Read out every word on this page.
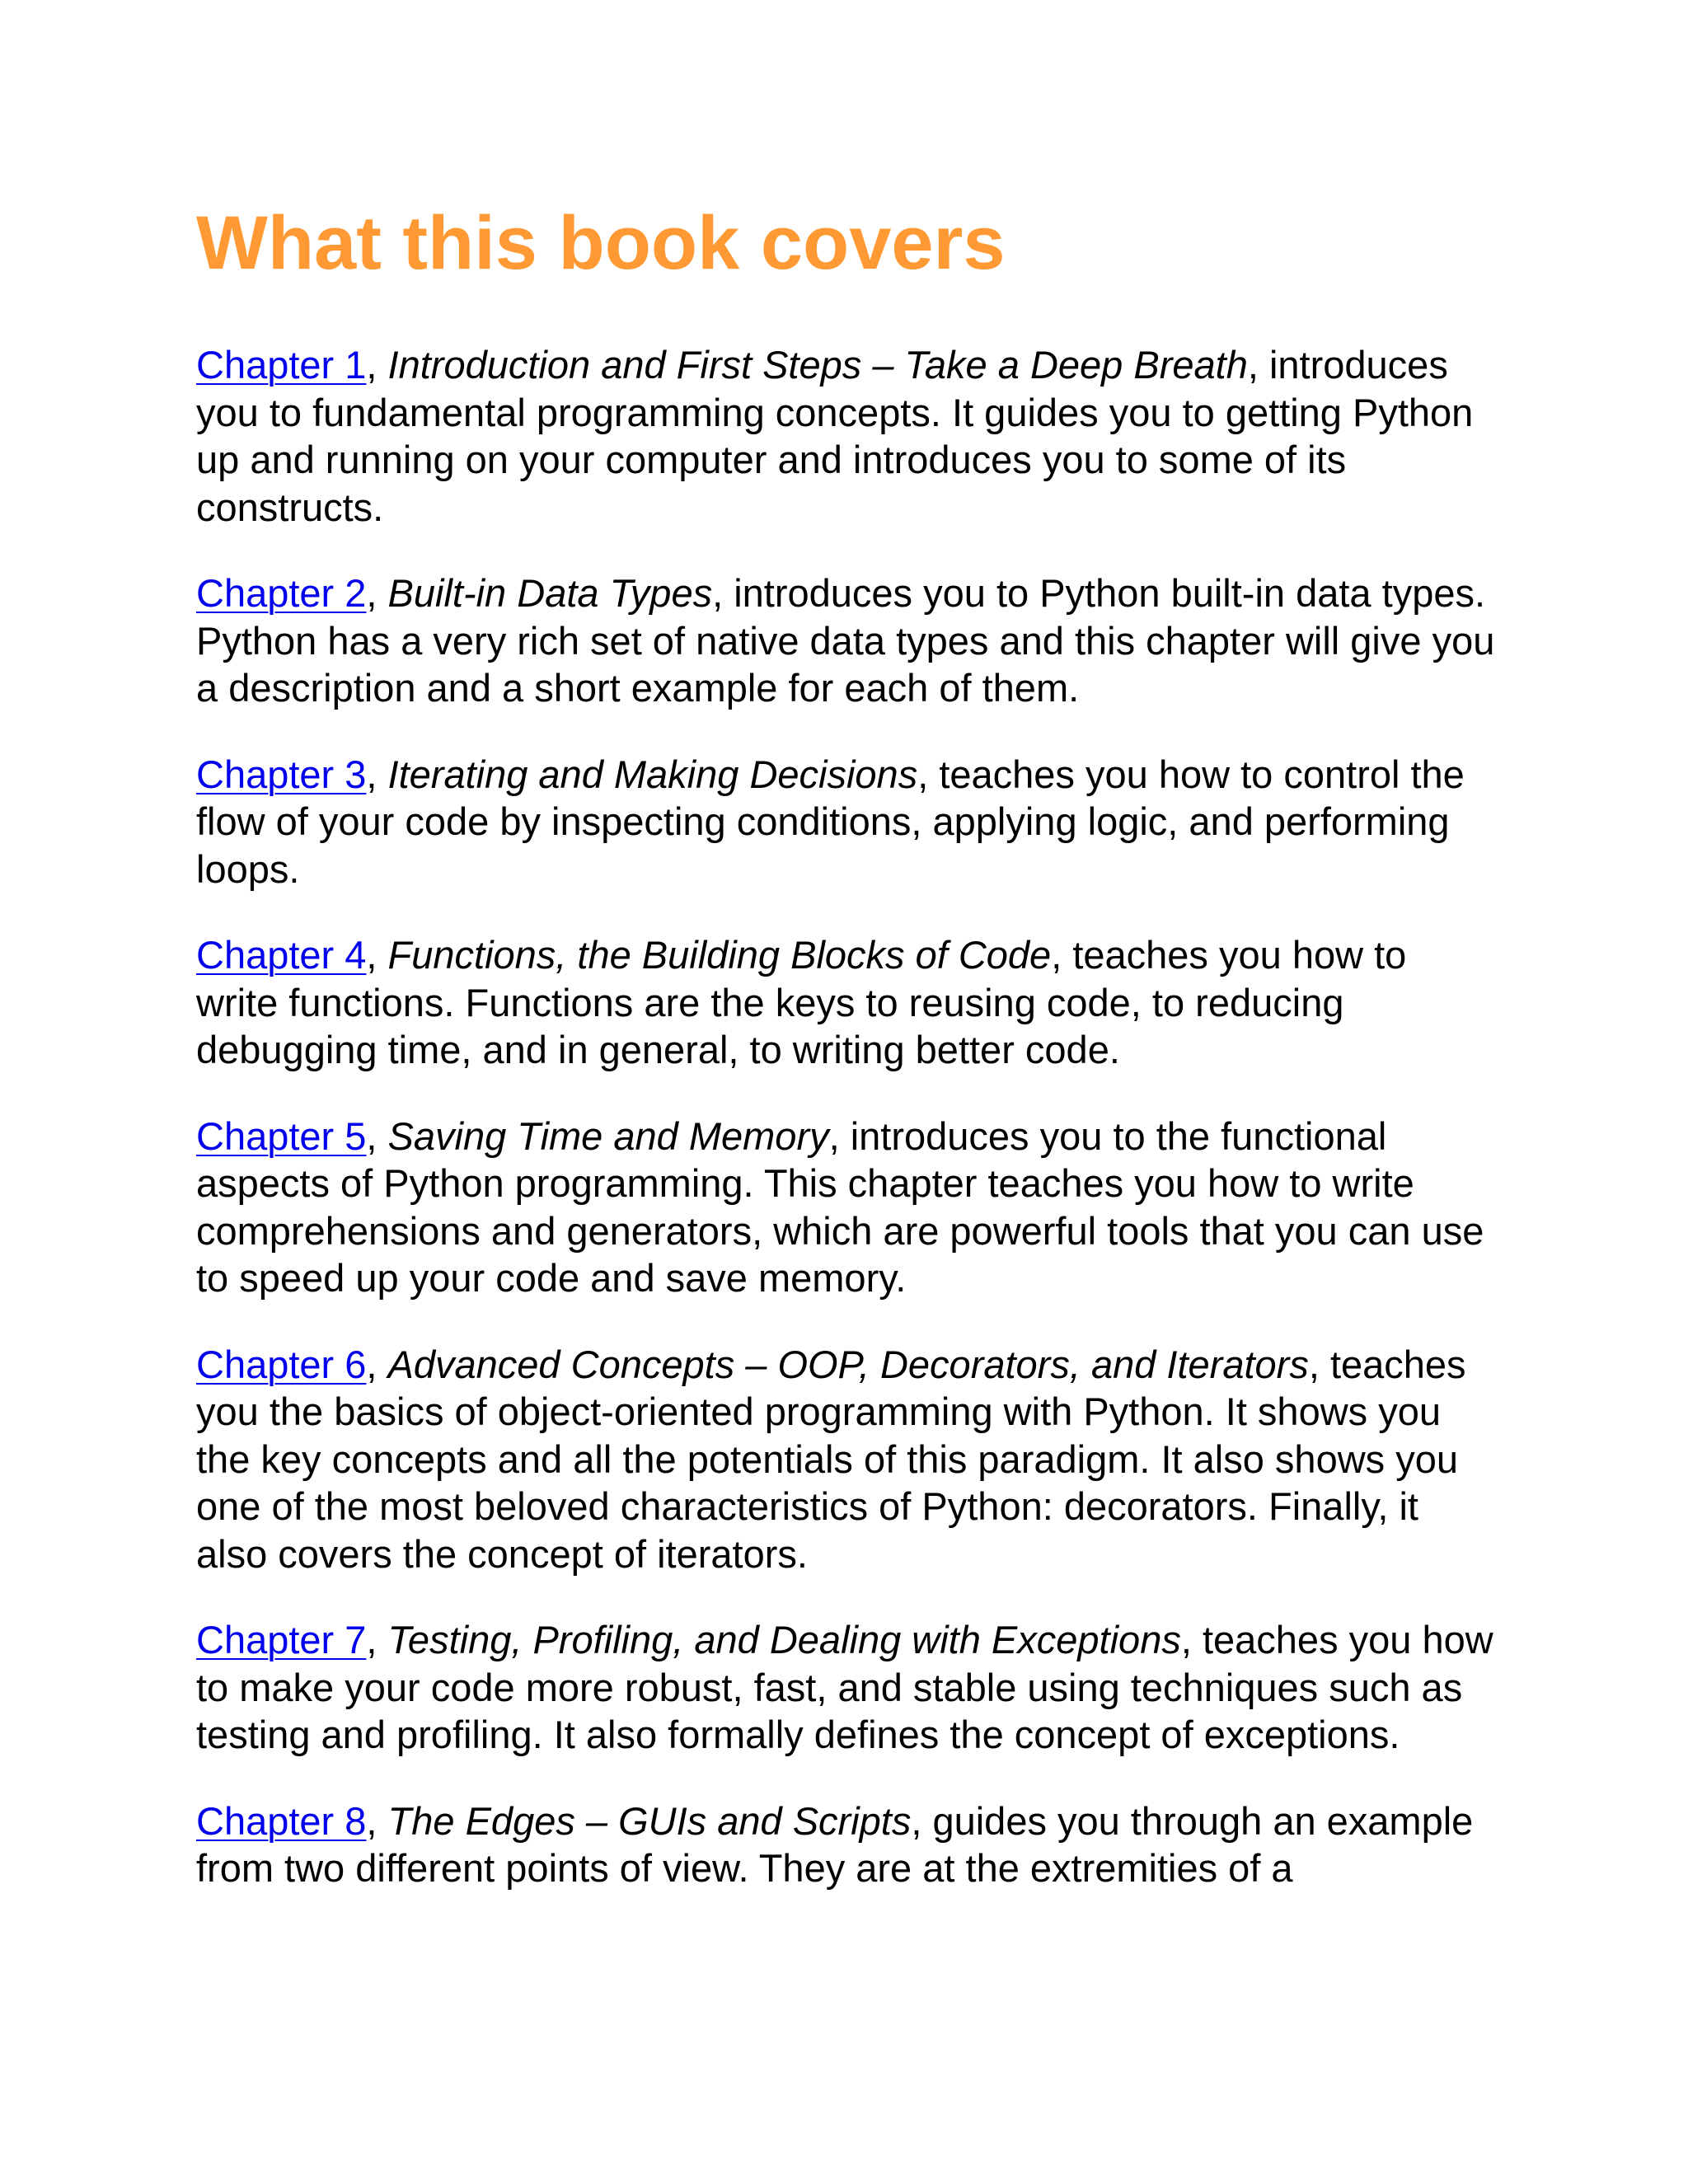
What this book covers

Chapter 1, Introduction and First Steps – Take a Deep Breath, introduces you to fundamental programming concepts. It guides you to getting Python up and running on your computer and introduces you to some of its constructs.

Chapter 2, Built-in Data Types, introduces you to Python built-in data types. Python has a very rich set of native data types and this chapter will give you a description and a short example for each of them.

Chapter 3, Iterating and Making Decisions, teaches you how to control the flow of your code by inspecting conditions, applying logic, and performing loops.

Chapter 4, Functions, the Building Blocks of Code, teaches you how to write functions. Functions are the keys to reusing code, to reducing debugging time, and in general, to writing better code.

Chapter 5, Saving Time and Memory, introduces you to the functional aspects of Python programming. This chapter teaches you how to write comprehensions and generators, which are powerful tools that you can use to speed up your code and save memory.

Chapter 6, Advanced Concepts – OOP, Decorators, and Iterators, teaches you the basics of object-oriented programming with Python. It shows you the key concepts and all the potentials of this paradigm. It also shows you one of the most beloved characteristics of Python: decorators. Finally, it also covers the concept of iterators.

Chapter 7, Testing, Profiling, and Dealing with Exceptions, teaches you how to make your code more robust, fast, and stable using techniques such as testing and profiling. It also formally defines the concept of exceptions.

Chapter 8, The Edges – GUIs and Scripts, guides you through an example from two different points of view. They are at the extremities of a
